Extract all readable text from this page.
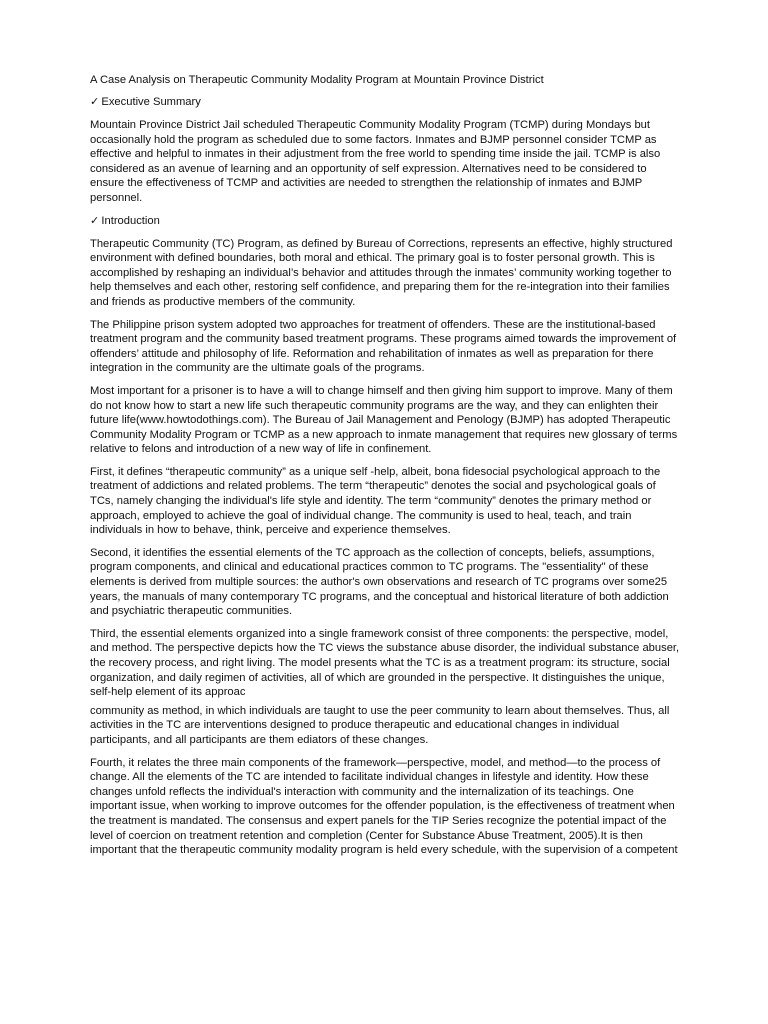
A Case Analysis on Therapeutic Community Modality Program at Mountain Province District
✓ Executive Summary

Mountain Province District Jail scheduled Therapeutic Community Modality Program (TCMP) during Mondays but occasionally hold the program as scheduled due to some factors. Inmates and BJMP personnel consider TCMP as effective and helpful to inmates in their adjustment from the free world to spending time inside the jail. TCMP is also considered as an avenue of learning and an opportunity of self expression. Alternatives need to be considered to ensure the effectiveness of TCMP and activities are needed to strengthen the relationship of inmates and BJMP personnel.

✓ Introduction

Therapeutic Community (TC) Program, as defined by Bureau of Corrections, represents an effective, highly structured environment with defined boundaries, both moral and ethical. The primary goal is to foster personal growth. This is accomplished by reshaping an individual’s behavior and attitudes through the inmates’ community working together to help themselves and each other, restoring self confidence, and preparing them for the re-integration into their families and friends as productive members of the community.

The Philippine prison system adopted two approaches for treatment of offenders. These are the institutional-based treatment program and the community based treatment programs. These programs aimed towards the improvement of offenders’ attitude and philosophy of life. Reformation and rehabilitation of inmates as well as preparation for there integration in the community are the ultimate goals of the programs.

Most important for a prisoner is to have a will to change himself and then giving him support to improve. Many of them do not know how to start a new life such therapeutic community programs are the way, and they can enlighten their future life(www.howtodothings.com). The Bureau of Jail Management and Penology (BJMP) has adopted Therapeutic Community Modality Program or TCMP as a new approach to inmate management that requires new glossary of terms relative to felons and introduction of a new way of life in confinement.

First, it defines “therapeutic community” as a unique self -help, albeit, bona fidesocial psychological approach to the treatment of addictions and related problems. The term “therapeutic” denotes the social and psychological goals of TCs, namely changing the individual's life style and identity. The term “community” denotes the primary method or approach, employed to achieve the goal of individual change. The community is used to heal, teach, and train individuals in how to behave, think, perceive and experience themselves.

Second, it identifies the essential elements of the TC approach as the collection of concepts, beliefs, assumptions, program components, and clinical and educational practices common to TC programs. The "essentiality" of these elements is derived from multiple sources: the author's own observations and research of TC programs over some25 years, the manuals of many contemporary TC programs, and the conceptual and historical literature of both addiction and psychiatric therapeutic communities.

Third, the essential elements organized into a single framework consist of three components: the perspective, model, and method. The perspective depicts how the TC views the substance abuse disorder, the individual substance abuser, the recovery process, and right living. The model presents what the TC is as a treatment program: its structure, social organization, and daily regimen of activities, all of which are grounded in the perspective. It distinguishes the unique, self-help element of its approac

community as method, in which individuals are taught to use the peer community to learn about themselves. Thus, all activities in the TC are interventions designed to produce therapeutic and educational changes in individual participants, and all participants are them ediators of these changes.

Fourth, it relates the three main components of the framework—perspective, model, and method—to the process of change. All the elements of the TC are intended to facilitate individual changes in lifestyle and identity. How these changes unfold reflects the individual's interaction with community and the internalization of its teachings. One important issue, when working to improve outcomes for the offender population, is the effectiveness of treatment when the treatment is mandated. The consensus and expert panels for the TIP Series recognize the potential impact of the level of coercion on treatment retention and completion (Center for Substance Abuse Treatment, 2005).It is then important that the therapeutic community modality program is held every schedule, with the supervision of a competent
